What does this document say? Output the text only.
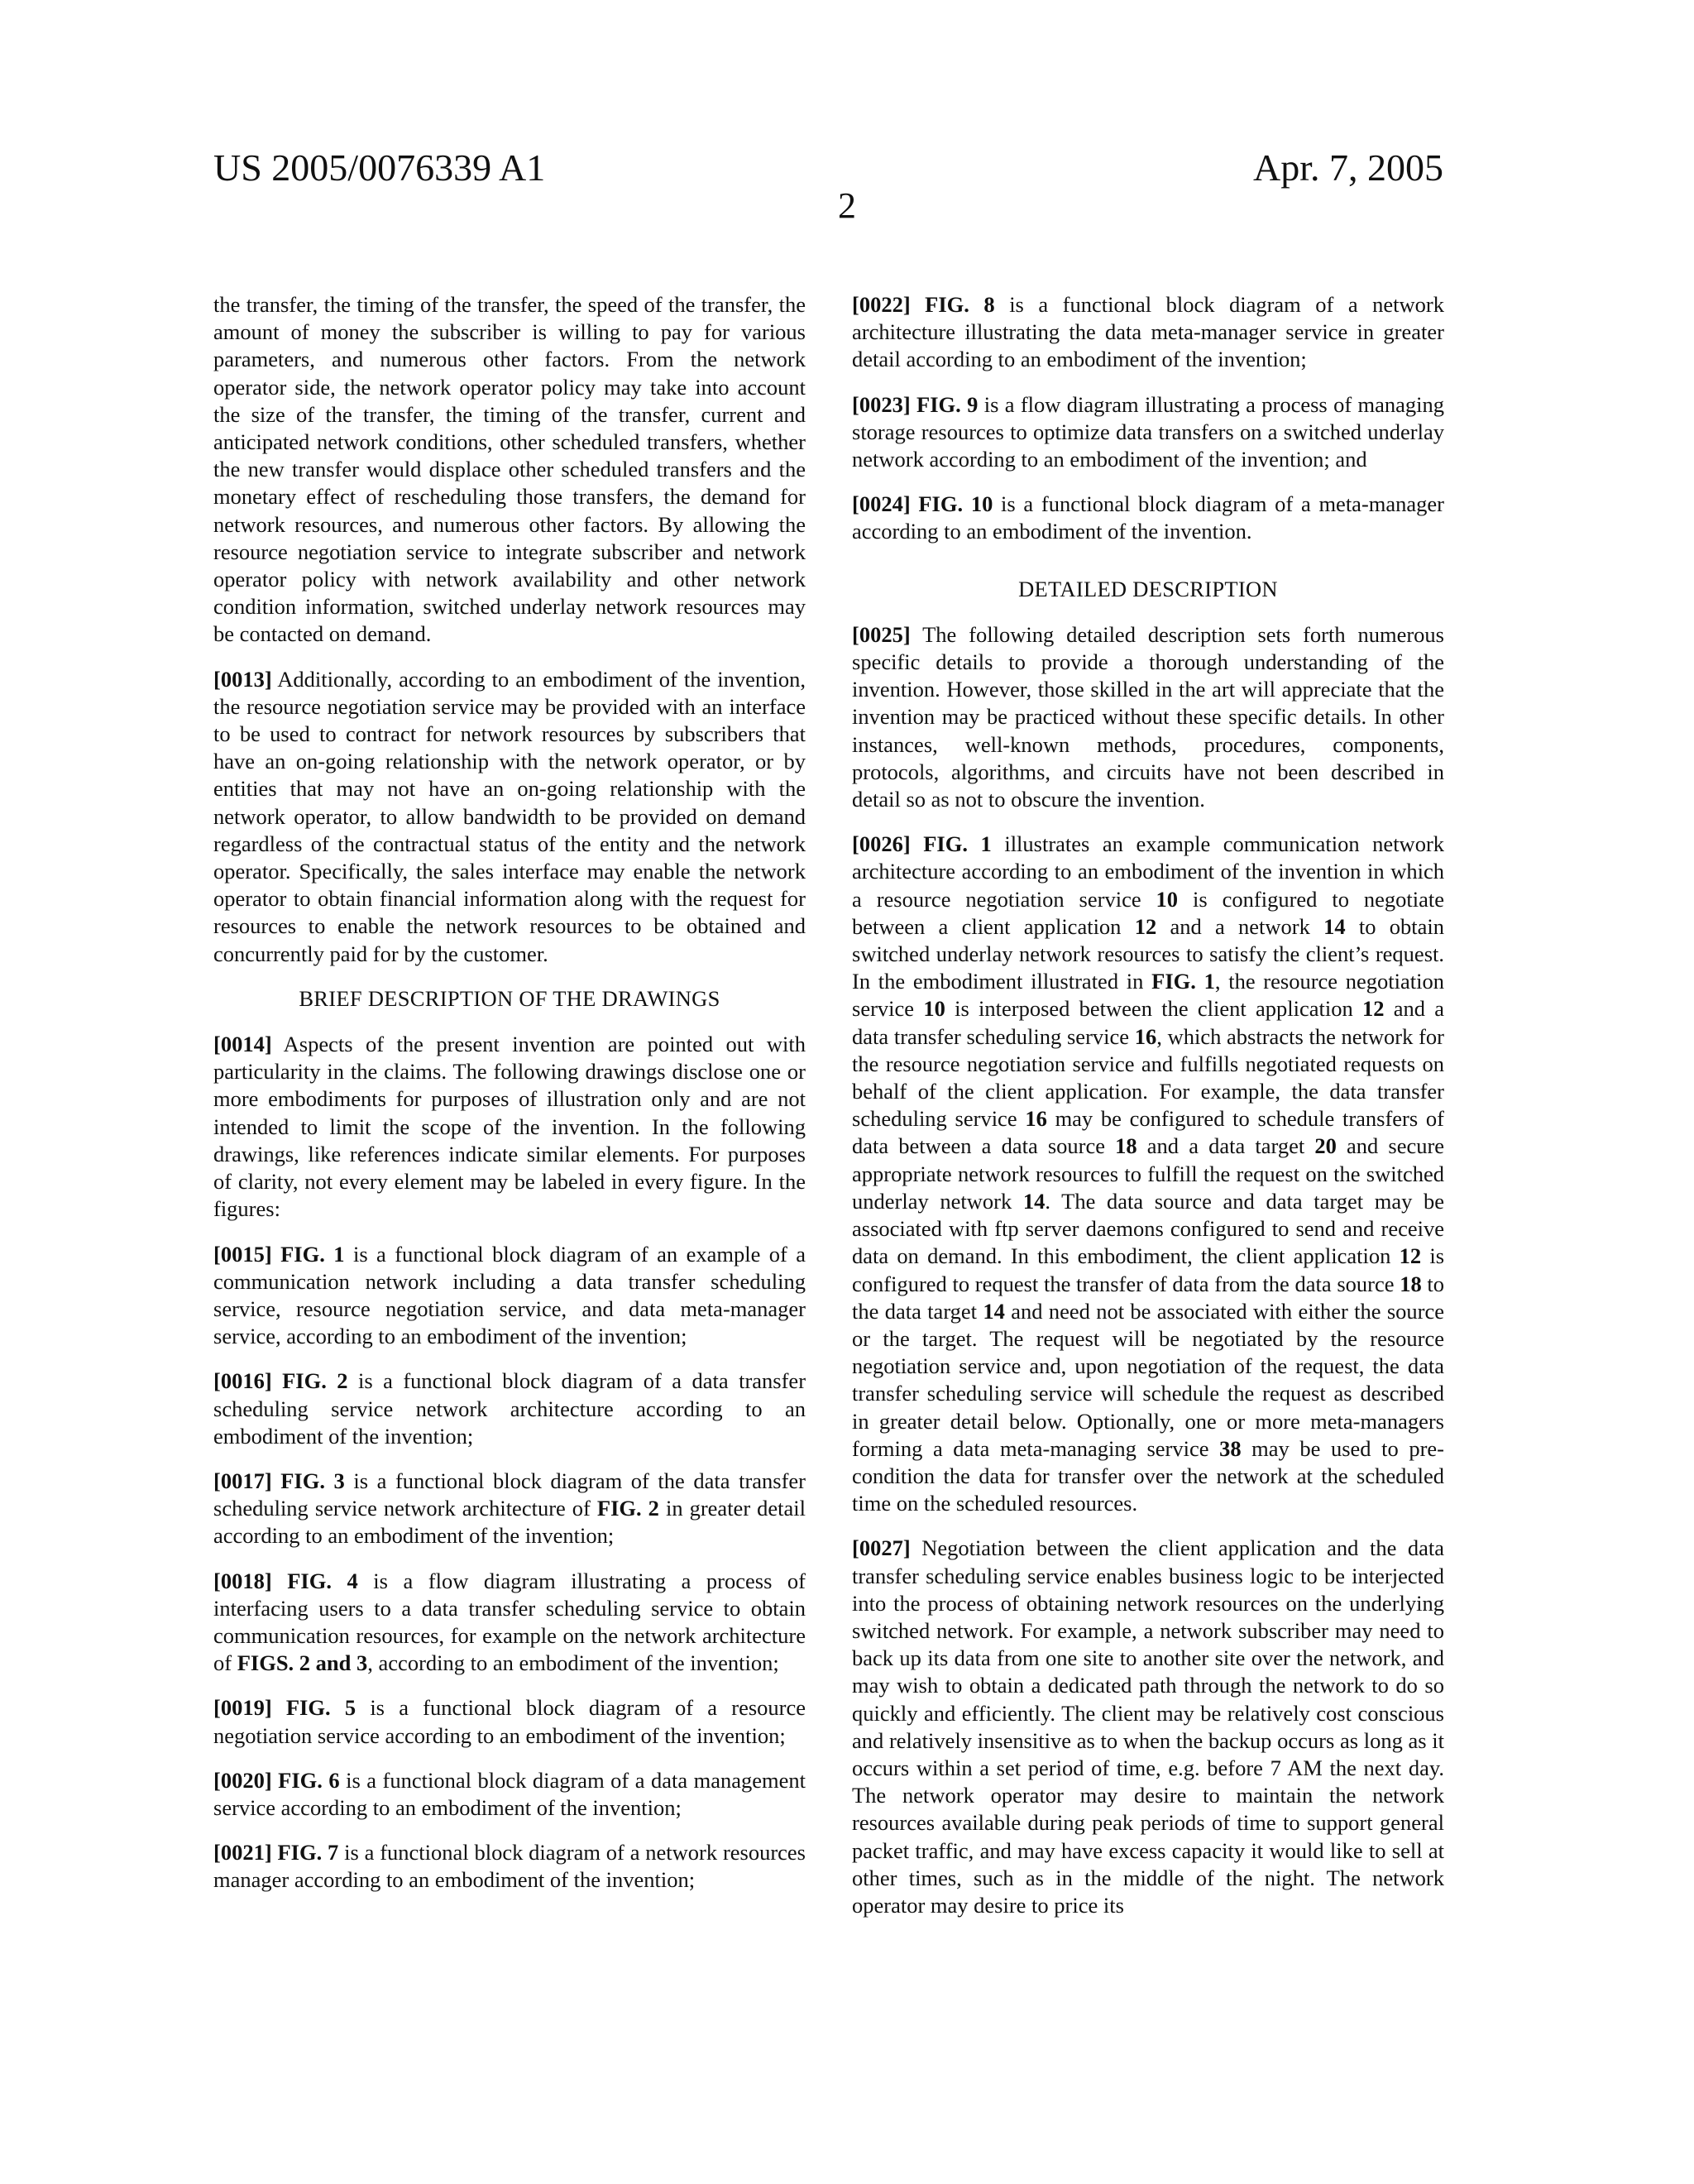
US 2005/0076339 A1	Apr. 7, 2005
2

the transfer, the timing of the transfer, the speed of the transfer, the amount of money the subscriber is willing to pay for various parameters, and numerous other factors. From the network operator side, the network operator policy may take into account the size of the transfer, the timing of the transfer, current and anticipated network conditions, other scheduled transfers, whether the new transfer would displace other scheduled transfers and the monetary effect of rescheduling those transfers, the demand for network resources, and numerous other factors. By allowing the resource negotiation service to integrate subscriber and network operator policy with network availability and other network condition information, switched underlay network resources may be contacted on demand.

[0013] Additionally, according to an embodiment of the invention, the resource negotiation service may be provided with an interface to be used to contract for network resources by subscribers that have an on-going relationship with the network operator, or by entities that may not have an on-going relationship with the network operator, to allow bandwidth to be provided on demand regardless of the contractual status of the entity and the network operator. Specifically, the sales interface may enable the network operator to obtain financial information along with the request for resources to enable the network resources to be obtained and concurrently paid for by the customer.

BRIEF DESCRIPTION OF THE DRAWINGS

[0014] Aspects of the present invention are pointed out with particularity in the claims. The following drawings disclose one or more embodiments for purposes of illustration only and are not intended to limit the scope of the invention. In the following drawings, like references indicate similar elements. For purposes of clarity, not every element may be labeled in every figure. In the figures:

[0015] FIG. 1 is a functional block diagram of an example of a communication network including a data transfer scheduling service, resource negotiation service, and data meta-manager service, according to an embodiment of the invention;

[0016] FIG. 2 is a functional block diagram of a data transfer scheduling service network architecture according to an embodiment of the invention;

[0017] FIG. 3 is a functional block diagram of the data transfer scheduling service network architecture of FIG. 2 in greater detail according to an embodiment of the invention;

[0018] FIG. 4 is a flow diagram illustrating a process of interfacing users to a data transfer scheduling service to obtain communication resources, for example on the network architecture of FIGS. 2 and 3, according to an embodiment of the invention;

[0019] FIG. 5 is a functional block diagram of a resource negotiation service according to an embodiment of the invention;

[0020] FIG. 6 is a functional block diagram of a data management service according to an embodiment of the invention;

[0021] FIG. 7 is a functional block diagram of a network resources manager according to an embodiment of the invention;

[0022] FIG. 8 is a functional block diagram of a network architecture illustrating the data meta-manager service in greater detail according to an embodiment of the invention;

[0023] FIG. 9 is a flow diagram illustrating a process of managing storage resources to optimize data transfers on a switched underlay network according to an embodiment of the invention; and

[0024] FIG. 10 is a functional block diagram of a meta-manager according to an embodiment of the invention.

DETAILED DESCRIPTION

[0025] The following detailed description sets forth numerous specific details to provide a thorough understanding of the invention. However, those skilled in the art will appreciate that the invention may be practiced without these specific details. In other instances, well-known methods, procedures, components, protocols, algorithms, and circuits have not been described in detail so as not to obscure the invention.

[0026] FIG. 1 illustrates an example communication network architecture according to an embodiment of the invention in which a resource negotiation service 10 is configured to negotiate between a client application 12 and a network 14 to obtain switched underlay network resources to satisfy the client’s request. In the embodiment illustrated in FIG. 1, the resource negotiation service 10 is interposed between the client application 12 and a data transfer scheduling service 16, which abstracts the network for the resource negotiation service and fulfills negotiated requests on behalf of the client application. For example, the data transfer scheduling service 16 may be configured to schedule transfers of data between a data source 18 and a data target 20 and secure appropriate network resources to fulfill the request on the switched underlay network 14. The data source and data target may be associated with ftp server daemons configured to send and receive data on demand. In this embodiment, the client application 12 is configured to request the transfer of data from the data source 18 to the data target 14 and need not be associated with either the source or the target. The request will be negotiated by the resource negotiation service and, upon negotiation of the request, the data transfer scheduling service will schedule the request as described in greater detail below. Optionally, one or more meta-managers forming a data meta-managing service 38 may be used to pre-condition the data for transfer over the network at the scheduled time on the scheduled resources.

[0027] Negotiation between the client application and the data transfer scheduling service enables business logic to be interjected into the process of obtaining network resources on the underlying switched network. For example, a network subscriber may need to back up its data from one site to another site over the network, and may wish to obtain a dedicated path through the network to do so quickly and efficiently. The client may be relatively cost conscious and relatively insensitive as to when the backup occurs as long as it occurs within a set period of time, e.g. before 7 AM the next day. The network operator may desire to maintain the network resources available during peak periods of time to support general packet traffic, and may have excess capacity it would like to sell at other times, such as in the middle of the night. The network operator may desire to price its
